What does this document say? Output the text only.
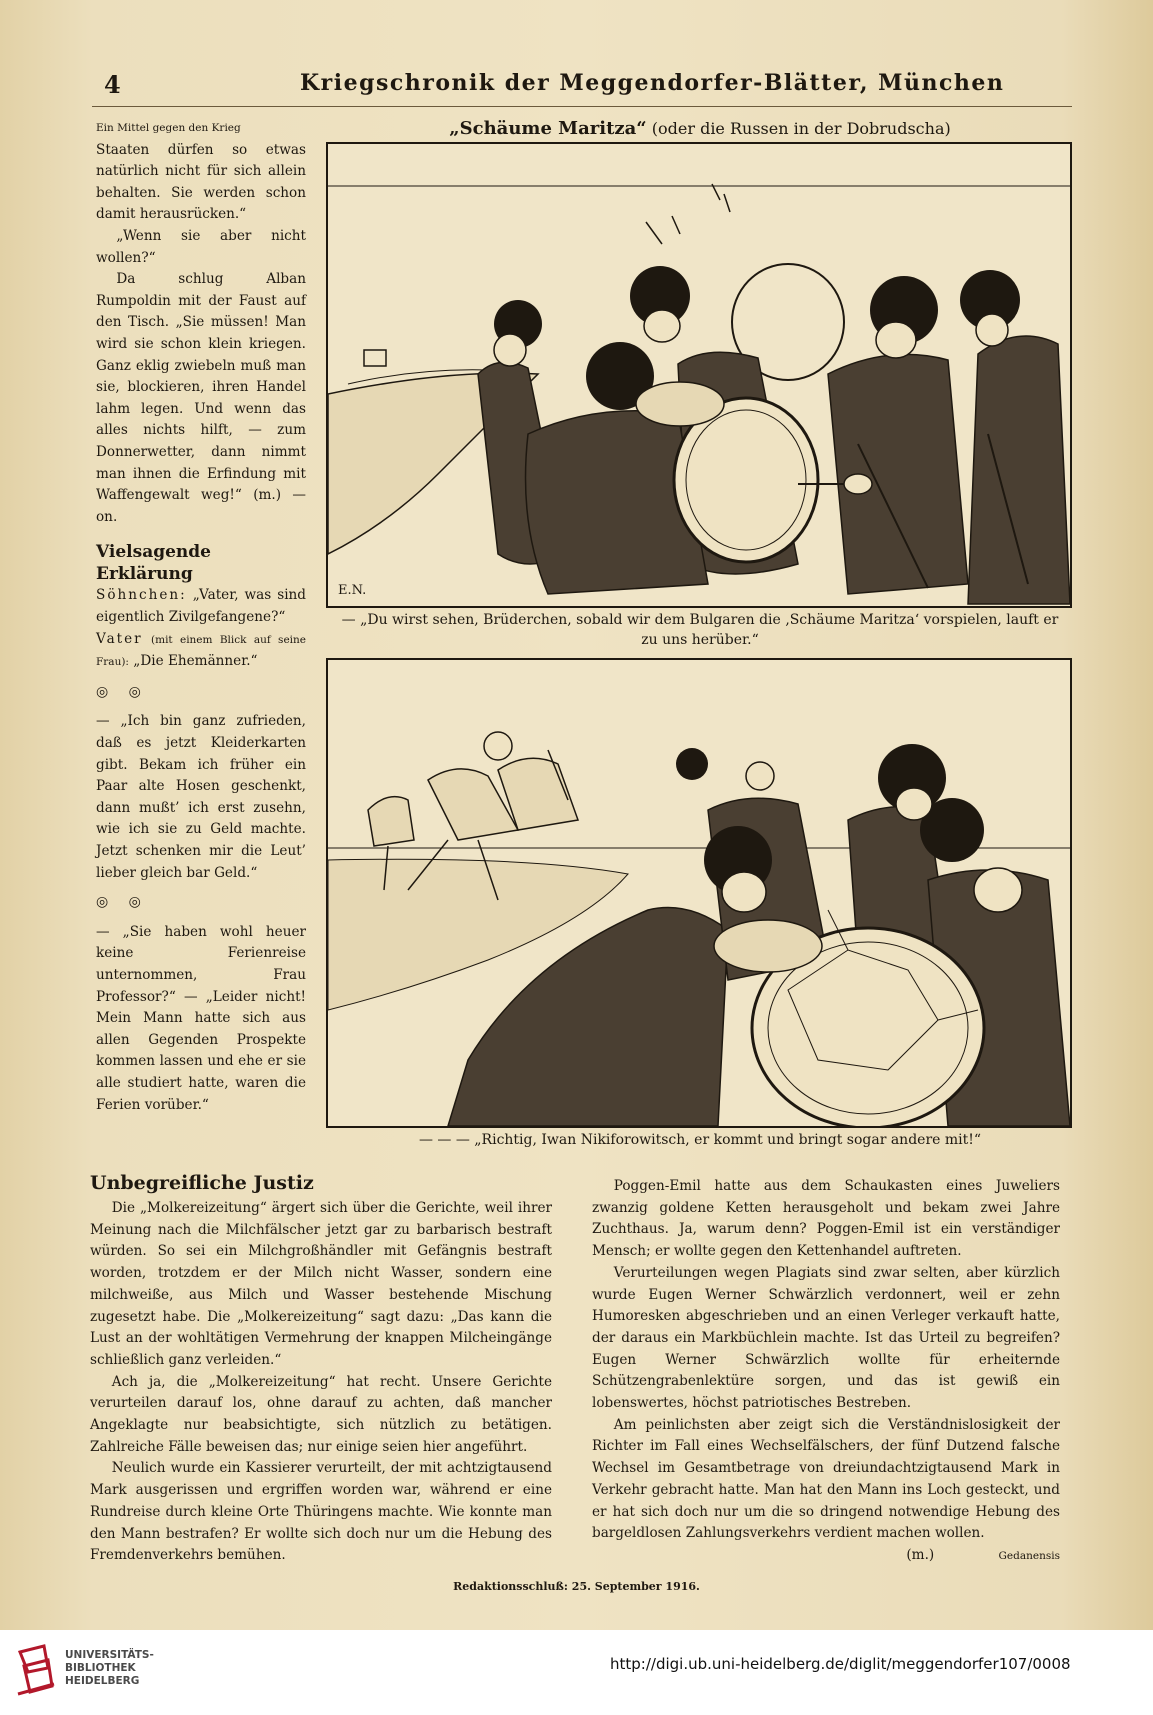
4	Kriegschronik der Meggendorfer-Blätter, München

Ein Mittel gegen den Krieg

Staaten dürfen so etwas natürlich nicht für sich allein behalten. Sie werden schon damit herausrücken.“

„Wenn sie aber nicht wollen?“

Da schlug Alban Rumpoldin mit der Faust auf den Tisch. „Sie müssen! Man wird sie schon klein kriegen. Ganz eklig zwiebeln muß man sie, blockieren, ihren Handel lahm legen. Und wenn das alles nichts hilft, — zum Donnerwetter, dann nimmt man ihnen die Erfindung mit Waffengewalt weg!“ (m.) —on.

Vielsagende Erklärung

Söhnchen: „Vater, was sind eigentlich Zivilgefangene?“

Vater (mit einem Blick auf seine Frau): „Die Ehemänner.“

◎ ◎

— „Ich bin ganz zufrieden, daß es jetzt Kleiderkarten gibt. Bekam ich früher ein Paar alte Hosen geschenkt, dann mußt’ ich erst zusehn, wie ich sie zu Geld machte. Jetzt schenken mir die Leut’ lieber gleich bar Geld.“

◎ ◎

— „Sie haben wohl heuer keine Ferienreise unternommen, Frau Professor?“ — „Leider nicht! Mein Mann hatte sich aus allen Gegenden Prospekte kommen lassen und ehe er sie alle studiert hatte, waren die Ferien vorüber.“

„Schäume Maritza“ (oder die Russen in der Dobrudscha)
E.N.
— „Du wirst sehen, Brüderchen, sobald wir dem Bulgaren die ‚Schäume Maritza‘ vorspielen, lauft er zu uns herüber.“
— — — „Richtig, Iwan Nikiforowitsch, er kommt und bringt sogar andere mit!“
Unbegreifliche Justiz

Die „Molkereizeitung“ ärgert sich über die Gerichte, weil ihrer Meinung nach die Milchfälscher jetzt gar zu barbarisch bestraft würden. So sei ein Milchgroßhändler mit Gefängnis bestraft worden, trotzdem er der Milch nicht Wasser, sondern eine milchweiße, aus Milch und Wasser bestehende Mischung zugesetzt habe. Die „Molkereizeitung“ sagt dazu: „Das kann die Lust an der wohltätigen Vermehrung der knappen Milcheingänge schließlich ganz verleiden.“

Ach ja, die „Molkereizeitung“ hat recht. Unsere Gerichte verurteilen darauf los, ohne darauf zu achten, daß mancher Angeklagte nur beabsichtigte, sich nützlich zu betätigen. Zahlreiche Fälle beweisen das; nur einige seien hier angeführt.

Neulich wurde ein Kassierer verurteilt, der mit achtzigtausend Mark ausgerissen und ergriffen worden war, während er eine Rundreise durch kleine Orte Thüringens machte. Wie konnte man den Mann bestrafen? Er wollte sich doch nur um die Hebung des Fremdenverkehrs bemühen.

Poggen-Emil hatte aus dem Schaukasten eines Juweliers zwanzig goldene Ketten herausgeholt und bekam zwei Jahre Zuchthaus. Ja, warum denn? Poggen-Emil ist ein verständiger Mensch; er wollte gegen den Kettenhandel auftreten.

Verurteilungen wegen Plagiats sind zwar selten, aber kürzlich wurde Eugen Werner Schwärzlich verdonnert, weil er zehn Humoresken abgeschrieben und an einen Verleger verkauft hatte, der daraus ein Markbüchlein machte. Ist das Urteil zu begreifen? Eugen Werner Schwärzlich wollte für erheiternde Schützengrabenlektüre sorgen, und das ist gewiß ein lobenswertes, höchst patriotisches Bestreben.

Am peinlichsten aber zeigt sich die Verständnislosigkeit der Richter im Fall eines Wechselfälschers, der fünf Dutzend falsche Wechsel im Gesamtbetrage von dreiundachtzigtausend Mark in Verkehr gebracht hatte. Man hat den Mann ins Loch gesteckt, und er hat sich doch nur um die so dringend notwendige Hebung des bargeldlosen Zahlungsverkehrs verdient machen wollen.

(m.)	Gedanensis

Redaktionsschluß: 25. September 1916.
UNIVERSITÄTS-
BIBLIOTHEK
HEIDELBERG
http://digi.ub.uni-heidelberg.de/diglit/meggendorfer107/0008
